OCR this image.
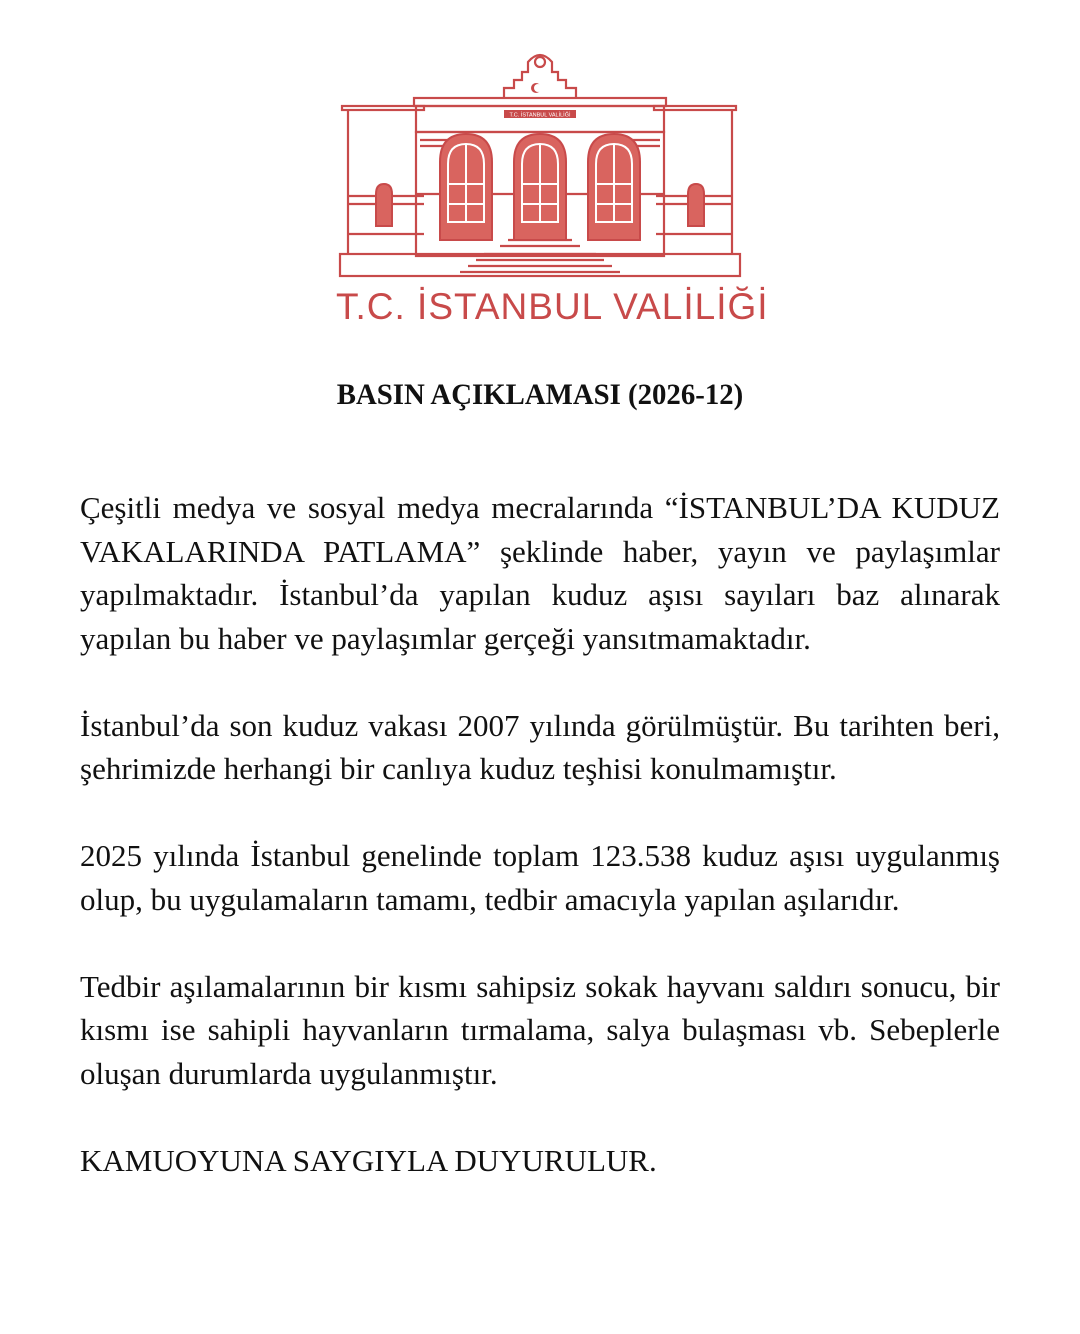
T.C. İSTANBUL VALİLİĞİ
T.C. İSTANBUL VALİLİĞİ
BASIN AÇIKLAMASI (2026-12)

Çeşitli medya ve sosyal medya mecralarında “İSTANBUL’DA KUDUZ VAKALARINDA PATLAMA” şeklinde haber, yayın ve paylaşımlar yapılmaktadır. İstanbul’da yapılan kuduz aşısı sayıları baz alınarak yapılan bu haber ve paylaşımlar gerçeği yansıtmamaktadır.

İstanbul’da son kuduz vakası 2007 yılında görülmüştür. Bu tarihten beri, şehrimizde herhangi bir canlıya kuduz teşhisi konulmamıştır.

2025 yılında İstanbul genelinde toplam 123.538 kuduz aşısı uygulanmış olup, bu uygulamaların tamamı, tedbir amacıyla yapılan aşılarıdır.

Tedbir aşılamalarının bir kısmı sahipsiz sokak hayvanı saldırı sonucu, bir kısmı ise sahipli hayvanların tırmalama, salya bulaşması vb. Sebeplerle oluşan durumlarda uygulanmıştır.

KAMUOYUNA SAYGIYLA DUYURULUR.
